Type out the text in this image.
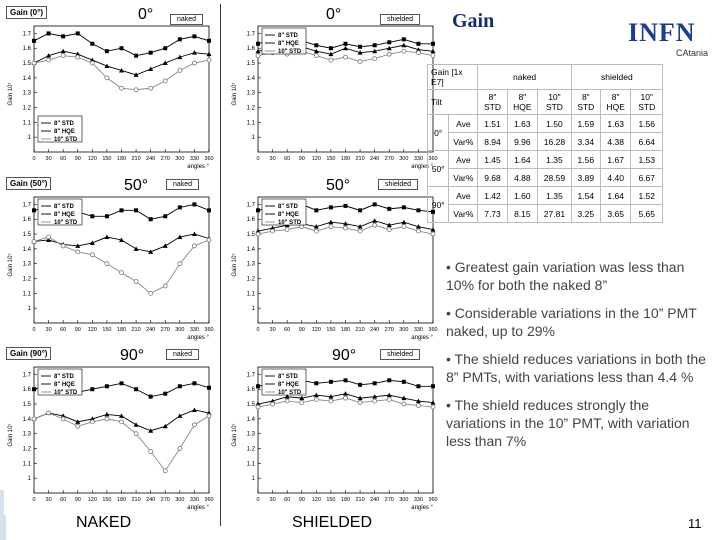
1
1.1
1.2
1.3
1.4
1.5
1.6
1.7
0 30 60 90 120 150 180 210 240 270 300 330 360
angles °
Gain 10⁷
8" STD
8" HQE
10" STD
Gain (0°)	0°	naked
1
1.1
1.2
1.3
1.4
1.5
1.6
1.7
0 30 60 90 120 150 180 210 240 270 300 330 360
angles °
Gain 10⁷
8" STD
8" HQE
10" STD
0°	shielded
1
1.1
1.2
1.3
1.4
1.5
1.6
1.7
0 30 60 90 120 150 180 210 240 270 300 330 360
angles °
Gain 10⁷
8" STD
8" HQE
10" STD
Gain (50°)	50°	naked
1
1.1
1.2
1.3
1.4
1.5
1.6
1.7
0 30 60 90 120 150 180 210 240 270 300 330 360
angles °
Gain 10⁷
8" STD
8" HQE
10" STD
50°	shielded
1
1.1
1.2
1.3
1.4
1.5
1.6
1.7
0 30 60 90 120 150 180 210 240 270 300 330 360
angles °
Gain 10⁷
8" STD
8" HQE
10" STD
Gain (90°)	90°	naked
1
1.1
1.2
1.3
1.4
1.5
1.6
1.7
0 30 60 90 120 150 180 210 240 270 300 330 360
angles °
Gain 10⁷
8" STD
8" HQE
10" STD
90°	shielded
Gain	INFN
CAtania
Gain [1x E7]		naked			shielded		
Tilt		8" STD	8" HQE	10" STD	8" STD	8" HQE	10" STD
0°	Ave	1.51	1.63	1.50	1.59	1.63	1.56
	Var%	8.94	9.96	16.28	3.34	4.38	6.64
50°	Ave	1.45	1.64	1.35	1.56	1.67	1.53
	Var%	9.68	4.88	28.59	3.89	4.40	6.67
90°	Ave	1.42	1.60	1.35	1.54	1.64	1.52
	Var%	7.73	8.15	27.81	3.25	3.65	5.65
• Greatest gain variation was less than 10% for both the naked 8”
• Considerable variations in the 10” PMT naked, up to 29%
• The shield reduces variations in both the 8” PMTs, with variations less than 4.4 %
• The shield reduces strongly the variations in the 10” PMT, with variation less than 7%
NAKED	SHIELDED	11
